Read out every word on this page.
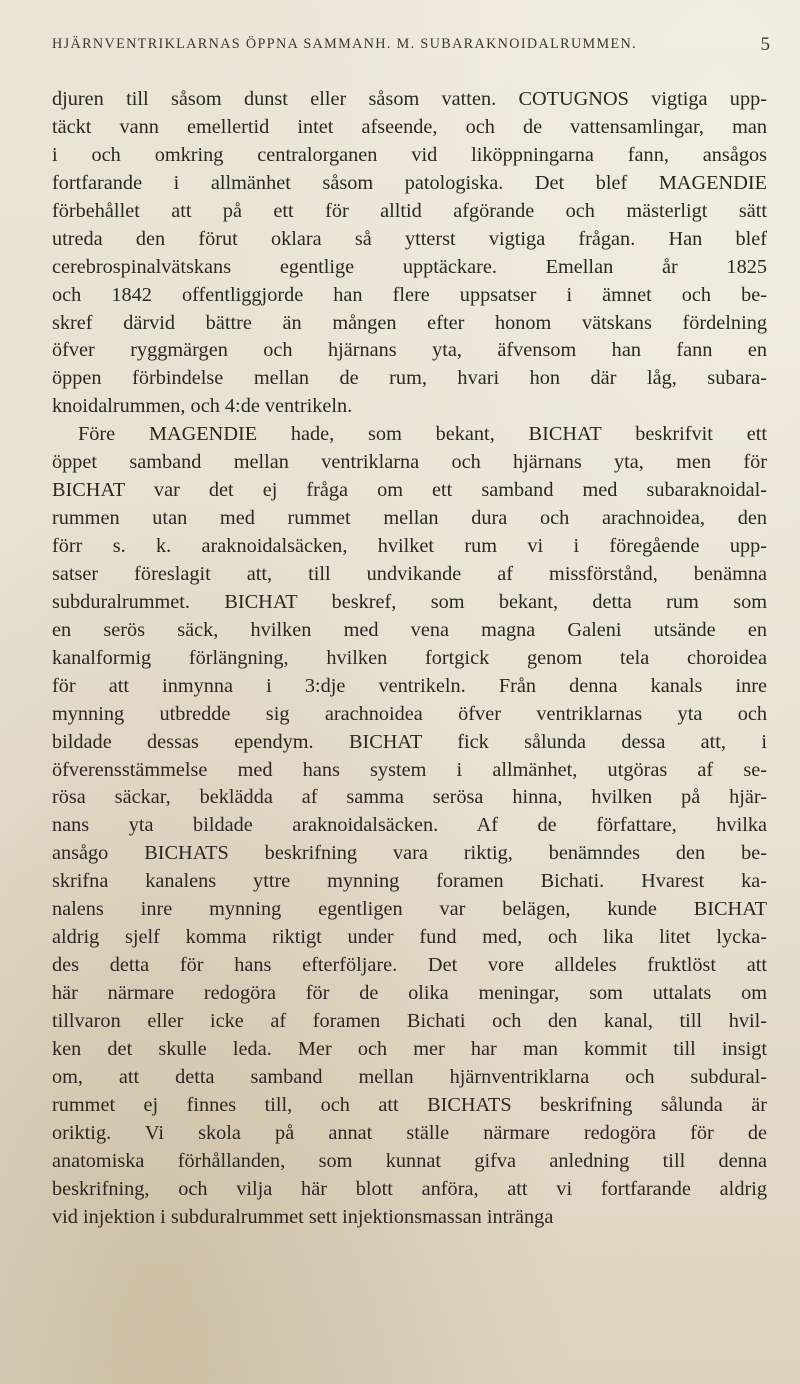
HJÄRNVENTRIKLARNAS ÖPPNA SAMMANH. M. SUBARAKNOIDALRUMMEN.	5
djuren till såsom dunst eller såsom vatten. COTUGNOS vigtiga upp-
täckt vann emellertid intet afseende, och de vattensamlingar, man
i och omkring centralorganen vid liköppningarna fann, ansågos
fortfarande i allmänhet såsom patologiska. Det blef MAGENDIE
förbehållet att på ett för alltid afgörande och mästerligt sätt
utreda den förut oklara så ytterst vigtiga frågan. Han blef
cerebrospinalvätskans egentlige upptäckare. Emellan år 1825
och 1842 offentliggjorde han flere uppsatser i ämnet och be-
skref därvid bättre än mången efter honom vätskans fördelning
öfver ryggmärgen och hjärnans yta, äfvensom han fann en
öppen förbindelse mellan de rum, hvari hon där låg, subara-
knoidalrummen, och 4:de ventrikeln.
Före MAGENDIE hade, som bekant, BICHAT beskrifvit ett
öppet samband mellan ventriklarna och hjärnans yta, men för
BICHAT var det ej fråga om ett samband med subaraknoidal-
rummen utan med rummet mellan dura och arachnoidea, den
förr s. k. araknoidalsäcken, hvilket rum vi i föregående upp-
satser föreslagit att, till undvikande af missförstånd, benämna
subduralrummet. BICHAT beskref, som bekant, detta rum som
en serös säck, hvilken med vena magna Galeni utsände en
kanalformig förlängning, hvilken fortgick genom tela choroidea
för att inmynna i 3:dje ventrikeln. Från denna kanals inre
mynning utbredde sig arachnoidea öfver ventriklarnas yta och
bildade dessas ependym. BICHAT fick sålunda dessa att, i
öfverensstämmelse med hans system i allmänhet, utgöras af se-
rösa säckar, beklädda af samma serösa hinna, hvilken på hjär-
nans yta bildade araknoidalsäcken. Af de författare, hvilka
ansågo BICHATS beskrifning vara riktig, benämndes den be-
skrifna kanalens yttre mynning foramen Bichati. Hvarest ka-
nalens inre mynning egentligen var belägen, kunde BICHAT
aldrig sjelf komma riktigt under fund med, och lika litet lycka-
des detta för hans efterföljare. Det vore alldeles fruktlöst att
här närmare redogöra för de olika meningar, som uttalats om
tillvaron eller icke af foramen Bichati och den kanal, till hvil-
ken det skulle leda. Mer och mer har man kommit till insigt
om, att detta samband mellan hjärnventriklarna och subdural-
rummet ej finnes till, och att BICHATS beskrifning sålunda är
oriktig. Vi skola på annat ställe närmare redogöra för de
anatomiska förhållanden, som kunnat gifva anledning till denna
beskrifning, och vilja här blott anföra, att vi fortfarande aldrig
vid injektion i subduralrummet sett injektionsmassan intränga
